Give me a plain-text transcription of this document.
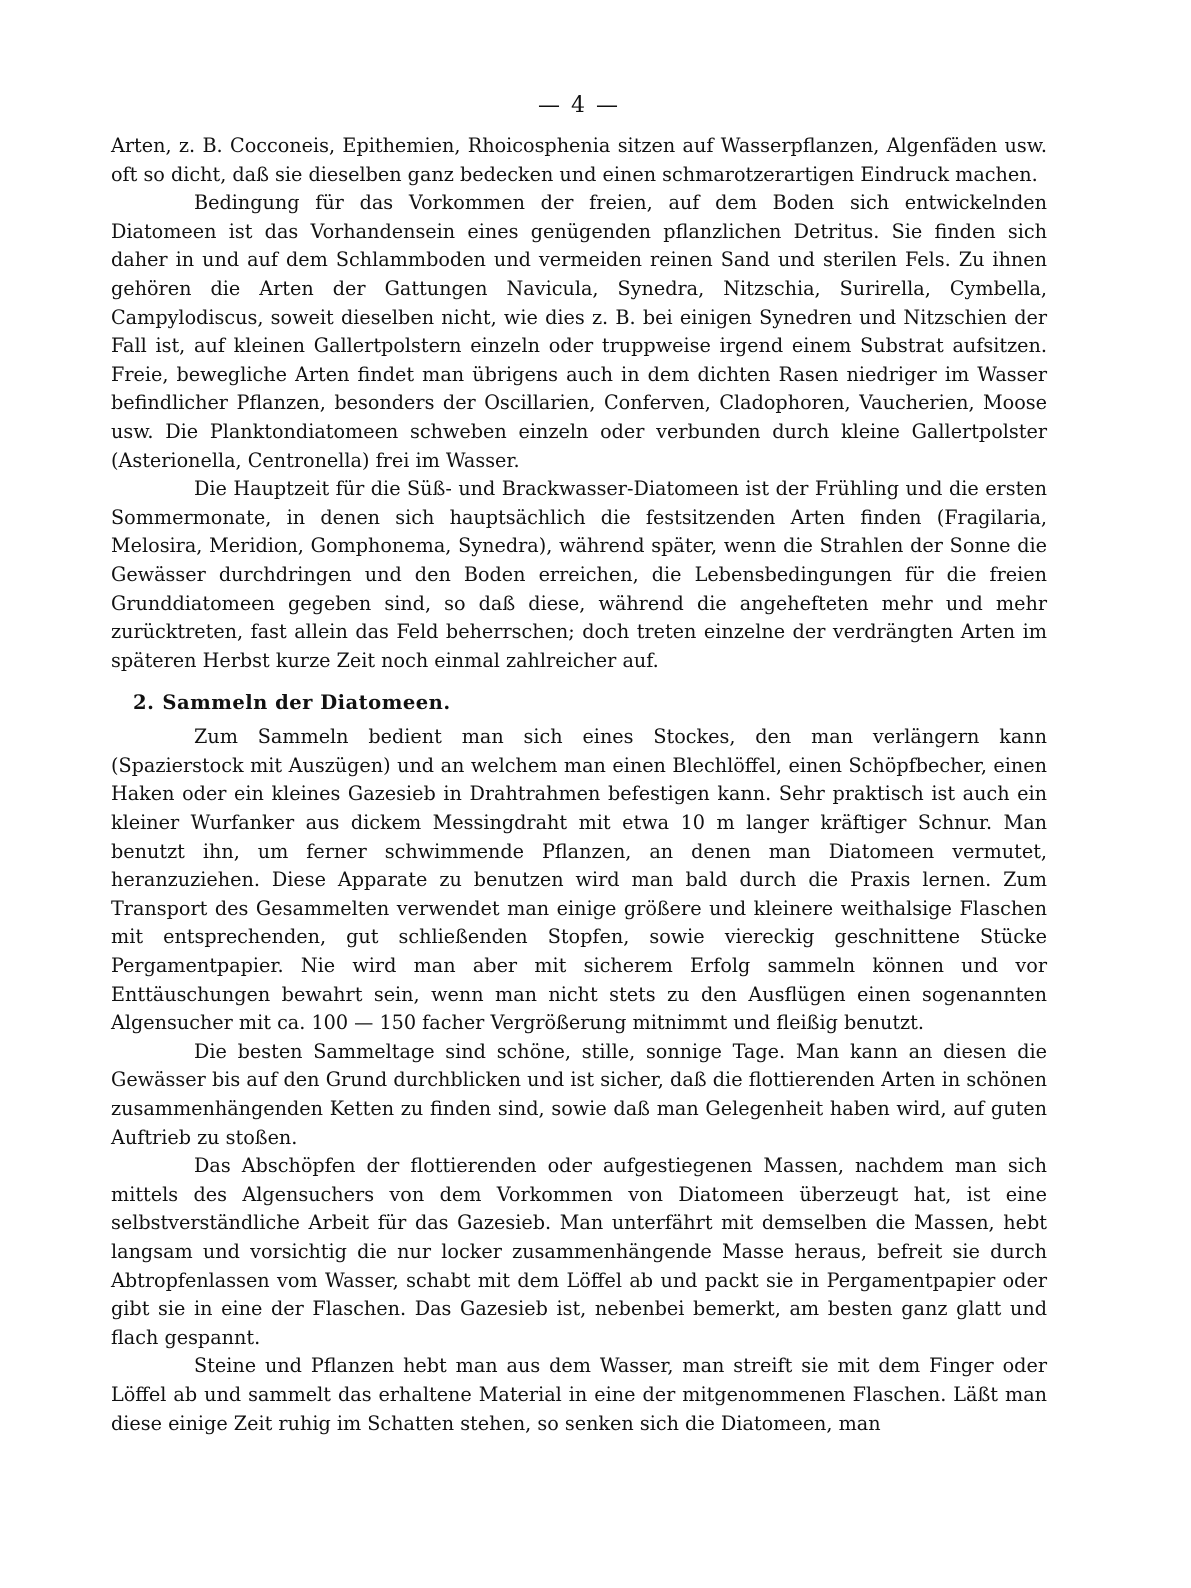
— 4 —

Arten, z. B. Cocconeis, Epithemien, Rhoicosphenia sitzen auf Wasserpflanzen, Algenfäden usw. oft so dicht, daß sie dieselben ganz bedecken und einen schmarotzerartigen Eindruck machen.

Bedingung für das Vorkommen der freien, auf dem Boden sich entwickelnden Diatomeen ist das Vorhandensein eines genügenden pflanzlichen Detritus. Sie finden sich daher in und auf dem Schlammboden und vermeiden reinen Sand und sterilen Fels. Zu ihnen gehören die Arten der Gattungen Navicula, Synedra, Nitzschia, Surirella, Cymbella, Campylodiscus, soweit dieselben nicht, wie dies z. B. bei einigen Synedren und Nitzschien der Fall ist, auf kleinen Gallertpolstern einzeln oder truppweise irgend einem Substrat aufsitzen. Freie, bewegliche Arten findet man übrigens auch in dem dichten Rasen niedriger im Wasser befindlicher Pflanzen, besonders der Oscillarien, Conferven, Cladophoren, Vaucherien, Moose usw. Die Planktondiatomeen schweben einzeln oder verbunden durch kleine Gallertpolster (Asterionella, Centronella) frei im Wasser.

Die Hauptzeit für die Süß- und Brackwasser-Diatomeen ist der Frühling und die ersten Sommermonate, in denen sich hauptsächlich die festsitzenden Arten finden (Fragilaria, Melosira, Meridion, Gomphonema, Synedra), während später, wenn die Strahlen der Sonne die Gewässer durchdringen und den Boden erreichen, die Lebensbedingungen für die freien Grunddiatomeen gegeben sind, so daß diese, während die angehefteten mehr und mehr zurücktreten, fast allein das Feld beherrschen; doch treten einzelne der verdrängten Arten im späteren Herbst kurze Zeit noch einmal zahlreicher auf.

2. Sammeln der Diatomeen.

Zum Sammeln bedient man sich eines Stockes, den man verlängern kann (Spazierstock mit Auszügen) und an welchem man einen Blechlöffel, einen Schöpfbecher, einen Haken oder ein kleines Gazesieb in Drahtrahmen befestigen kann. Sehr praktisch ist auch ein kleiner Wurfanker aus dickem Messingdraht mit etwa 10 m langer kräftiger Schnur. Man benutzt ihn, um ferner schwimmende Pflanzen, an denen man Diatomeen vermutet, heranzuziehen. Diese Apparate zu benutzen wird man bald durch die Praxis lernen. Zum Transport des Gesammelten verwendet man einige größere und kleinere weithalsige Flaschen mit entsprechenden, gut schließenden Stopfen, sowie viereckig geschnittene Stücke Pergamentpapier. Nie wird man aber mit sicherem Erfolg sammeln können und vor Enttäuschungen bewahrt sein, wenn man nicht stets zu den Ausflügen einen sogenannten Algensucher mit ca. 100 — 150 facher Vergrößerung mitnimmt und fleißig benutzt.

Die besten Sammeltage sind schöne, stille, sonnige Tage. Man kann an diesen die Gewässer bis auf den Grund durchblicken und ist sicher, daß die flottierenden Arten in schönen zusammenhängenden Ketten zu finden sind, sowie daß man Gelegenheit haben wird, auf guten Auftrieb zu stoßen.

Das Abschöpfen der flottierenden oder aufgestiegenen Massen, nachdem man sich mittels des Algensuchers von dem Vorkommen von Diatomeen überzeugt hat, ist eine selbstverständliche Arbeit für das Gazesieb. Man unterfährt mit demselben die Massen, hebt langsam und vorsichtig die nur locker zusammenhängende Masse heraus, befreit sie durch Abtropfenlassen vom Wasser, schabt mit dem Löffel ab und packt sie in Pergamentpapier oder gibt sie in eine der Flaschen. Das Gazesieb ist, nebenbei bemerkt, am besten ganz glatt und flach gespannt.

Steine und Pflanzen hebt man aus dem Wasser, man streift sie mit dem Finger oder Löffel ab und sammelt das erhaltene Material in eine der mitgenommenen Flaschen. Läßt man diese einige Zeit ruhig im Schatten stehen, so senken sich die Diatomeen, man
